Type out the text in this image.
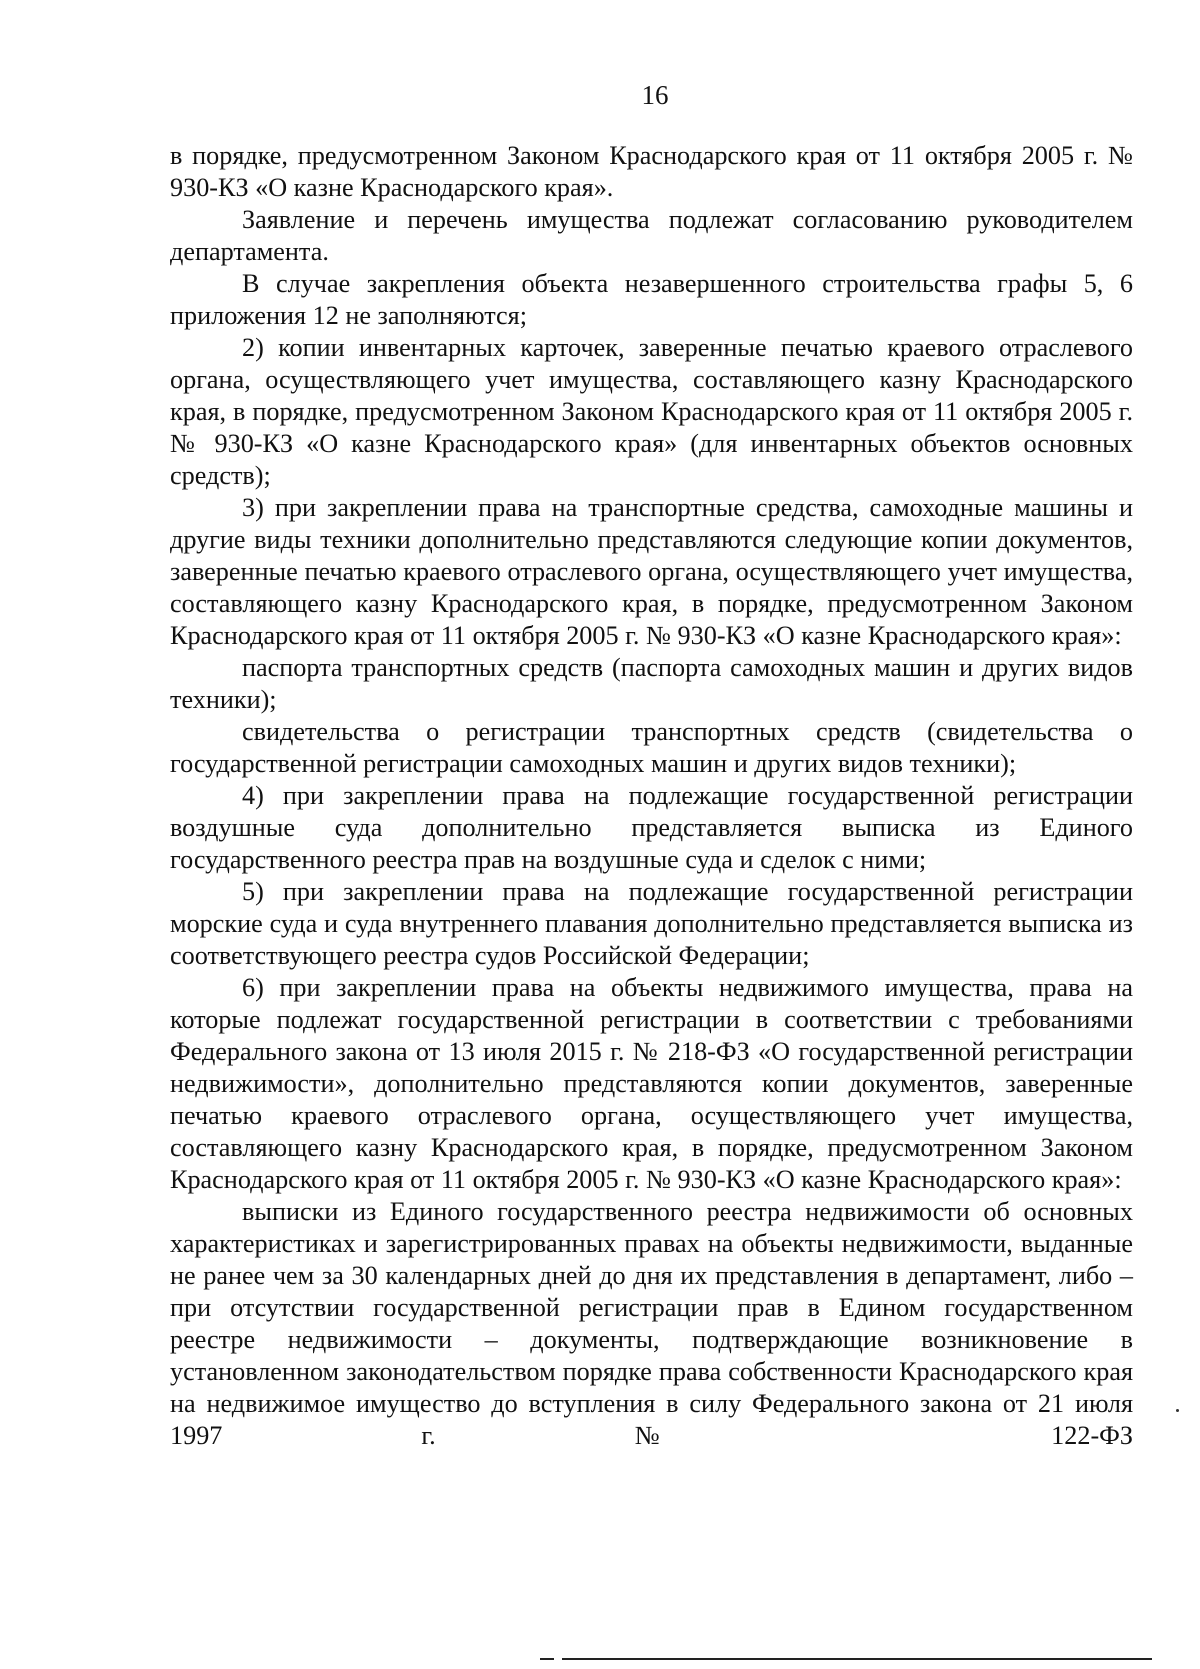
16

в порядке, предусмотренном Законом Краснодарского края от 11 октября 2005 г. № 930-КЗ «О казне Краснодарского края».

Заявление и перечень имущества подлежат согласованию руководителем департамента.

В случае закрепления объекта незавершенного строительства графы 5, 6 приложения 12 не заполняются;

2) копии инвентарных карточек, заверенные печатью краевого отраслевого органа, осуществляющего учет имущества, составляющего казну Краснодарского края, в порядке, предусмотренном Законом Краснодарского края от 11 октября 2005 г. № 930-КЗ «О казне Краснодарского края» (для инвентарных объектов основных средств);

3) при закреплении права на транспортные средства, самоходные машины и другие виды техники дополнительно представляются следующие копии документов, заверенные печатью краевого отраслевого органа, осуществляющего учет имущества, составляющего казну Краснодарского края, в порядке, предусмотренном Законом Краснодарского края от 11 октября 2005 г. № 930-КЗ «О казне Краснодарского края»:

паспорта транспортных средств (паспорта самоходных машин и других видов техники);

свидетельства о регистрации транспортных средств (свидетельства о государственной регистрации самоходных машин и других видов техники);

4) при закреплении права на подлежащие государственной регистрации воздушные суда дополнительно представляется выписка из Единого государственного реестра прав на воздушные суда и сделок с ними;

5) при закреплении права на подлежащие государственной регистрации морские суда и суда внутреннего плавания дополнительно представляется выписка из соответствующего реестра судов Российской Федерации;

6) при закреплении права на объекты недвижимого имущества, права на которые подлежат государственной регистрации в соответствии с требованиями Федерального закона от 13 июля 2015 г. № 218-ФЗ «О государственной регистрации недвижимости», дополнительно представляются копии документов, заверенные печатью краевого отраслевого органа, осуществляющего учет имущества, составляющего казну Краснодарского края, в порядке, предусмотренном Законом Краснодарского края от 11 октября 2005 г. № 930-КЗ «О казне Краснодарского края»:

выписки из Единого государственного реестра недвижимости об основных характеристиках и зарегистрированных правах на объекты недвижимости, выданные не ранее чем за 30 календарных дней до дня их представления в департамент, либо – при отсутствии государственной регистрации прав в Едином государственном реестре недвижимости – документы, подтверждающие возникновение в установленном законодательством порядке права собственности Краснодарского края на недвижимое имущество до вступления в силу Федерального закона от 21 июля 1997 г. № 122-ФЗ
